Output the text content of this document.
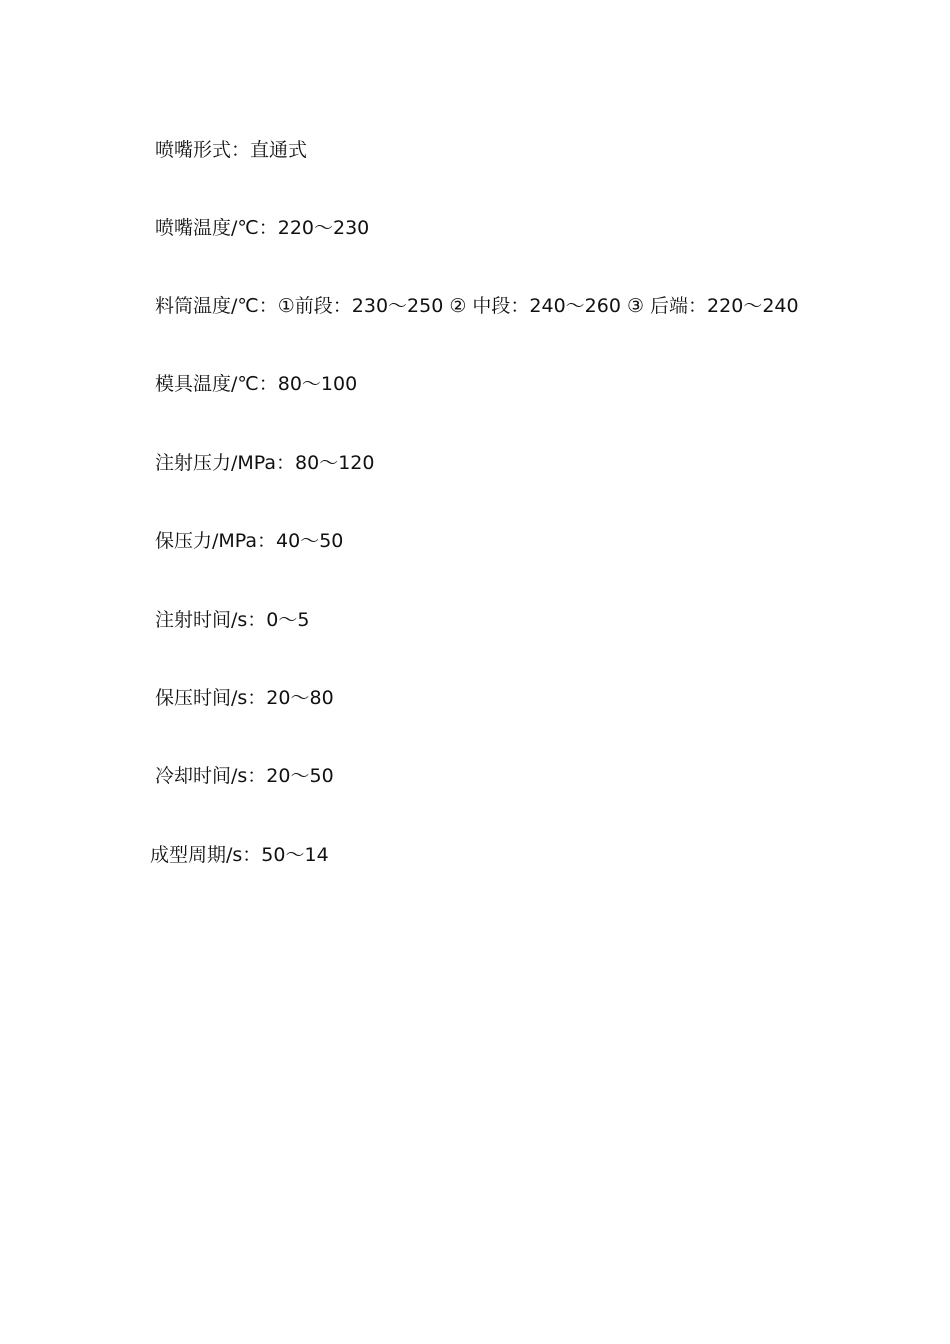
喷嘴形式：直通式
喷嘴温度/℃：220～230
料筒温度/℃：①前段：230～250 ② 中段：240～260 ③ 后端：220～240
模具温度/℃：80～100
注射压力/MPa：80～120
保压力/MPa：40～50
注射时间/s：0～5
保压时间/s：20～80
冷却时间/s：20～50
成型周期/s：50～14
